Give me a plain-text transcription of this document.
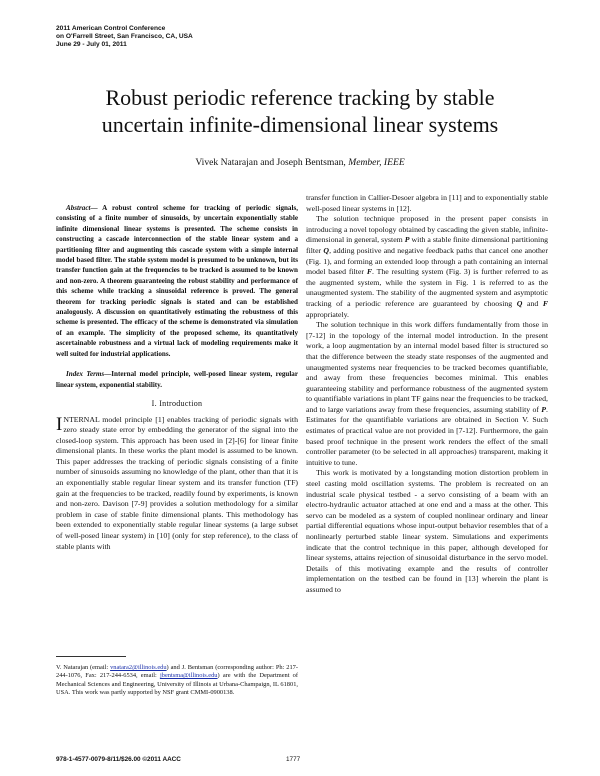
2011 American Control Conference
on O'Farrell Street, San Francisco, CA, USA
June 29 - July 01, 2011
Robust periodic reference tracking by stable
uncertain infinite-dimensional linear systems
Vivek Natarajan and Joseph Bentsman, Member, IEEE

Abstract— A robust control scheme for tracking of periodic signals, consisting of a finite number of sinusoids, by uncertain exponentially stable infinite dimensional linear systems is presented. The scheme consists in constructing a cascade interconnection of the stable linear system and a partitioning filter and augmenting this cascade system with a simple internal model based filter. The stable system model is presumed to be unknown, but its transfer function gain at the frequencies to be tracked is assumed to be known and non-zero. A theorem guaranteeing the robust stability and performance of this scheme while tracking a sinusoidal reference is proved. The general theorem for tracking periodic signals is stated and can be established analogously. A discussion on quantitatively estimating the robustness of this scheme is presented. The efficacy of the scheme is demonstrated via simulation of an example. The simplicity of the proposed scheme, its quantitatively ascertainable robustness and a virtual lack of modeling requirements make it well suited for industrial applications.

Index Terms—Internal model principle, well-posed linear system, regular linear system, exponential stability.

I. Introduction

INTERNAL model principle [1] enables tracking of periodic signals with zero steady state error by embedding the generator of the signal into the closed-loop system. This approach has been used in [2]-[6] for linear finite dimensional plants. In these works the plant model is assumed to be known. This paper addresses the tracking of periodic signals consisting of a finite number of sinusoids assuming no knowledge of the plant, other than that it is an exponentially stable regular linear system and its transfer function (TF) gain at the frequencies to be tracked, readily found by experiments, is known and non-zero. Davison [7-9] provides a solution methodology for a similar problem in case of stable finite dimensional plants. This methodology has been extended to exponentially stable regular linear systems (a large subset of well-posed linear system) in [10] (only for step reference), to the class of stable plants with

V. Natarajan (email: vnatara2@illinois.edu) and J. Bentsman (corresponding author: Ph: 217-244-1076, Fax: 217-244-6534, email: jbentsma@illinois.edu) are with the Department of Mechanical Sciences and Engineering, University of Illinois at Urbana-Champaign, IL 61801, USA. This work was partly supported by NSF grant CMMI-0900138.

transfer function in Callier-Desoer algebra in [11] and to exponentially stable well-posed linear systems in [12].

The solution technique proposed in the present paper consists in introducing a novel topology obtained by cascading the given stable, infinite-dimensional in general, system P with a stable finite dimensional partitioning filter Q, adding positive and negative feedback paths that cancel one another (Fig. 1), and forming an extended loop through a path containing an internal model based filter F. The resulting system (Fig. 3) is further referred to as the augmented system, while the system in Fig. 1 is referred to as the unaugmented system. The stability of the augmented system and asymptotic tracking of a periodic reference are guaranteed by choosing Q and F appropriately.

The solution technique in this work differs fundamentally from those in [7-12] in the topology of the internal model introduction. In the present work, a loop augmentation by an internal model based filter is structured so that the difference between the steady state responses of the augmented and unaugmented systems near frequencies to be tracked becomes quantifiable, and away from these frequencies becomes minimal. This enables guaranteeing stability and performance robustness of the augmented system to quantifiable variations in plant TF gains near the frequencies to be tracked, and to large variations away from these frequencies, assuming stability of P. Estimates for the quantifiable variations are obtained in Section V. Such estimates of practical value are not provided in [7-12]. Furthermore, the gain based proof technique in the present work renders the effect of the small controller parameter (to be selected in all approaches) transparent, making it intuitive to tune.

This work is motivated by a longstanding motion distortion problem in steel casting mold oscillation systems. The problem is recreated on an industrial scale physical testbed - a servo consisting of a beam with an electro-hydraulic actuator attached at one end and a mass at the other. This servo can be modeled as a system of coupled nonlinear ordinary and linear partial differential equations whose input-output behavior resembles that of a nonlinearly perturbed stable linear system. Simulations and experiments indicate that the control technique in this paper, although developed for linear systems, attains rejection of sinusoidal disturbance in the servo model. Details of this motivating example and the results of controller implementation on the testbed can be found in [13] wherein the plant is assumed to

978-1-4577-0079-8/11/$26.00 ©2011 AACC	1777
